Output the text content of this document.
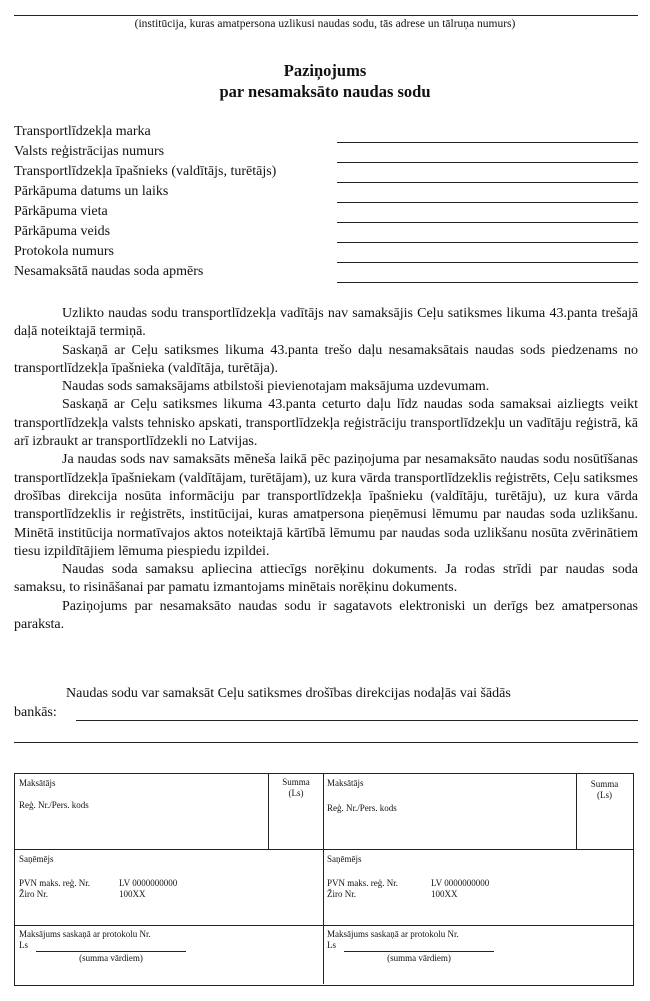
(institūcija, kuras amatpersona uzlikusi naudas sodu, tās adrese un tālruņa numurs)
Paziņojums
par nesamaksāto naudas sodu
Transportlīdzekļa marka
Valsts reģistrācijas numurs
Transportlīdzekļa īpašnieks (valdītājs, turētājs)
Pārkāpuma datums un laiks
Pārkāpuma vieta
Pārkāpuma veids
Protokola numurs
Nesamaksātā naudas soda apmērs

Uzlikto naudas sodu transportlīdzekļa vadītājs nav samaksājis Ceļu satiksmes likuma 43.panta trešajā daļā noteiktajā termiņā.

Saskaņā ar Ceļu satiksmes likuma 43.panta trešo daļu nesamaksātais naudas sods piedzenams no transportlīdzekļa īpašnieka (valdītāja, turētāja).

Naudas sods samaksājams atbilstoši pievienotajam maksājuma uzdevumam.

Saskaņā ar Ceļu satiksmes likuma 43.panta ceturto daļu līdz naudas soda samaksai aizliegts veikt transportlīdzekļa valsts tehnisko apskati, transportlīdzekļa reģistrāciju transportlīdzekļu un vadītāju reģistrā, kā arī izbraukt ar transportlīdzekli no Latvijas.

Ja naudas sods nav samaksāts mēneša laikā pēc paziņojuma par nesamaksāto naudas sodu nosūtīšanas transportlīdzekļa īpašniekam (valdītājam, turētājam), uz kura vārda transportlīdzeklis reģistrēts, Ceļu satiksmes drošības direkcija nosūta informāciju par transportlīdzekļa īpašnieku (valdītāju, turētāju), uz kura vārda transportlīdzeklis ir reģistrēts, institūcijai, kuras amatpersona pieņēmusi lēmumu par naudas soda uzlikšanu. Minētā institūcija normatīvajos aktos noteiktajā kārtībā lēmumu par naudas soda uzlikšanu nosūta zvērinātiem tiesu izpildītājiem lēmuma piespiedu izpildei.

Naudas soda samaksu apliecina attiecīgs norēķinu dokuments. Ja rodas strīdi par naudas soda samaksu, to risināšanai par pamatu izmantojams minētais norēķinu dokuments.

Paziņojums par nesamaksāto naudas sodu ir sagatavots elektroniski un derīgs bez amatpersonas paraksta.

Naudas sodu var samaksāt Ceļu satiksmes drošības direkcijas nodaļās vai šādās
bankās:
Maksātājs
Reģ. Nr./Pers. kods
Summa
(Ls)
Saņēmējs
PVN maks. reģ. Nr.	LV 0000000000
Žiro Nr.	100XX
Maksājums saskaņā ar protokolu Nr.
Ls
(summa vārdiem)
Maksātājs
Reģ. Nr./Pers. kods
Summa
(Ls)
Saņēmējs
PVN maks. reģ. Nr.	LV 0000000000
Žiro Nr.	100XX
Maksājums saskaņā ar protokolu Nr.
Ls
(summa vārdiem)
